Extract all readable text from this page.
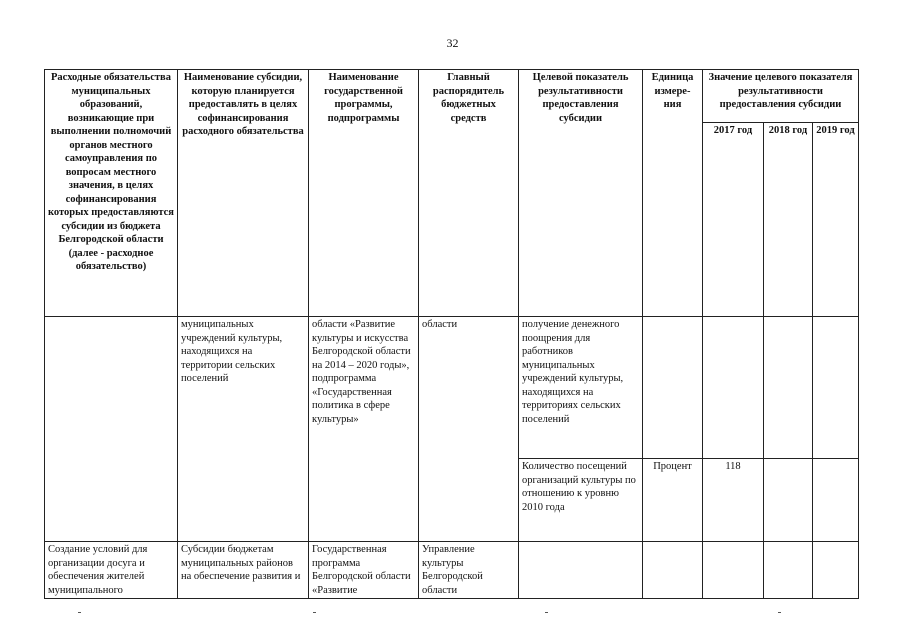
32
Расходные обязательства муниципальных образований, возникающие при выполнении полномочий органов местного самоуправления по вопросам местного значения, в целях софинансирования которых предоставляются субсидии из бюджета Белгородской области (далее - расходное обязательство)	Наименование субсидии, которую планируется предоставлять в целях софинансирования расходного обязательства	Наименование государственной программы, подпрограммы	Главный распорядитель бюджетных средств	Целевой показатель результативности предоставления субсидии	Единица измере-ния	Значение целевого показателя результативности предоставления субсидии		
						2017 год	2018 год	2019 год
	муниципальных учреждений культуры, находящихся на территории сельских поселений	области «Развитие культуры и искусства Белгородской области на 2014 – 2020 годы», подпрограмма «Государственная политика в сфере культуры»	области	получение денежного поощрения для работников муниципальных учреждений культуры, находящихся на территориях сельских поселений				
				Количество посещений организаций культуры по отношению к уровню 2010 года	Процент	118		
Создание условий для организации досуга и обеспечения жителей муниципального	Субсидии бюджетам муниципальных районов на обеспечение развития и	Государственная программа Белгородской области «Развитие	Управление культуры Белгородской области					
